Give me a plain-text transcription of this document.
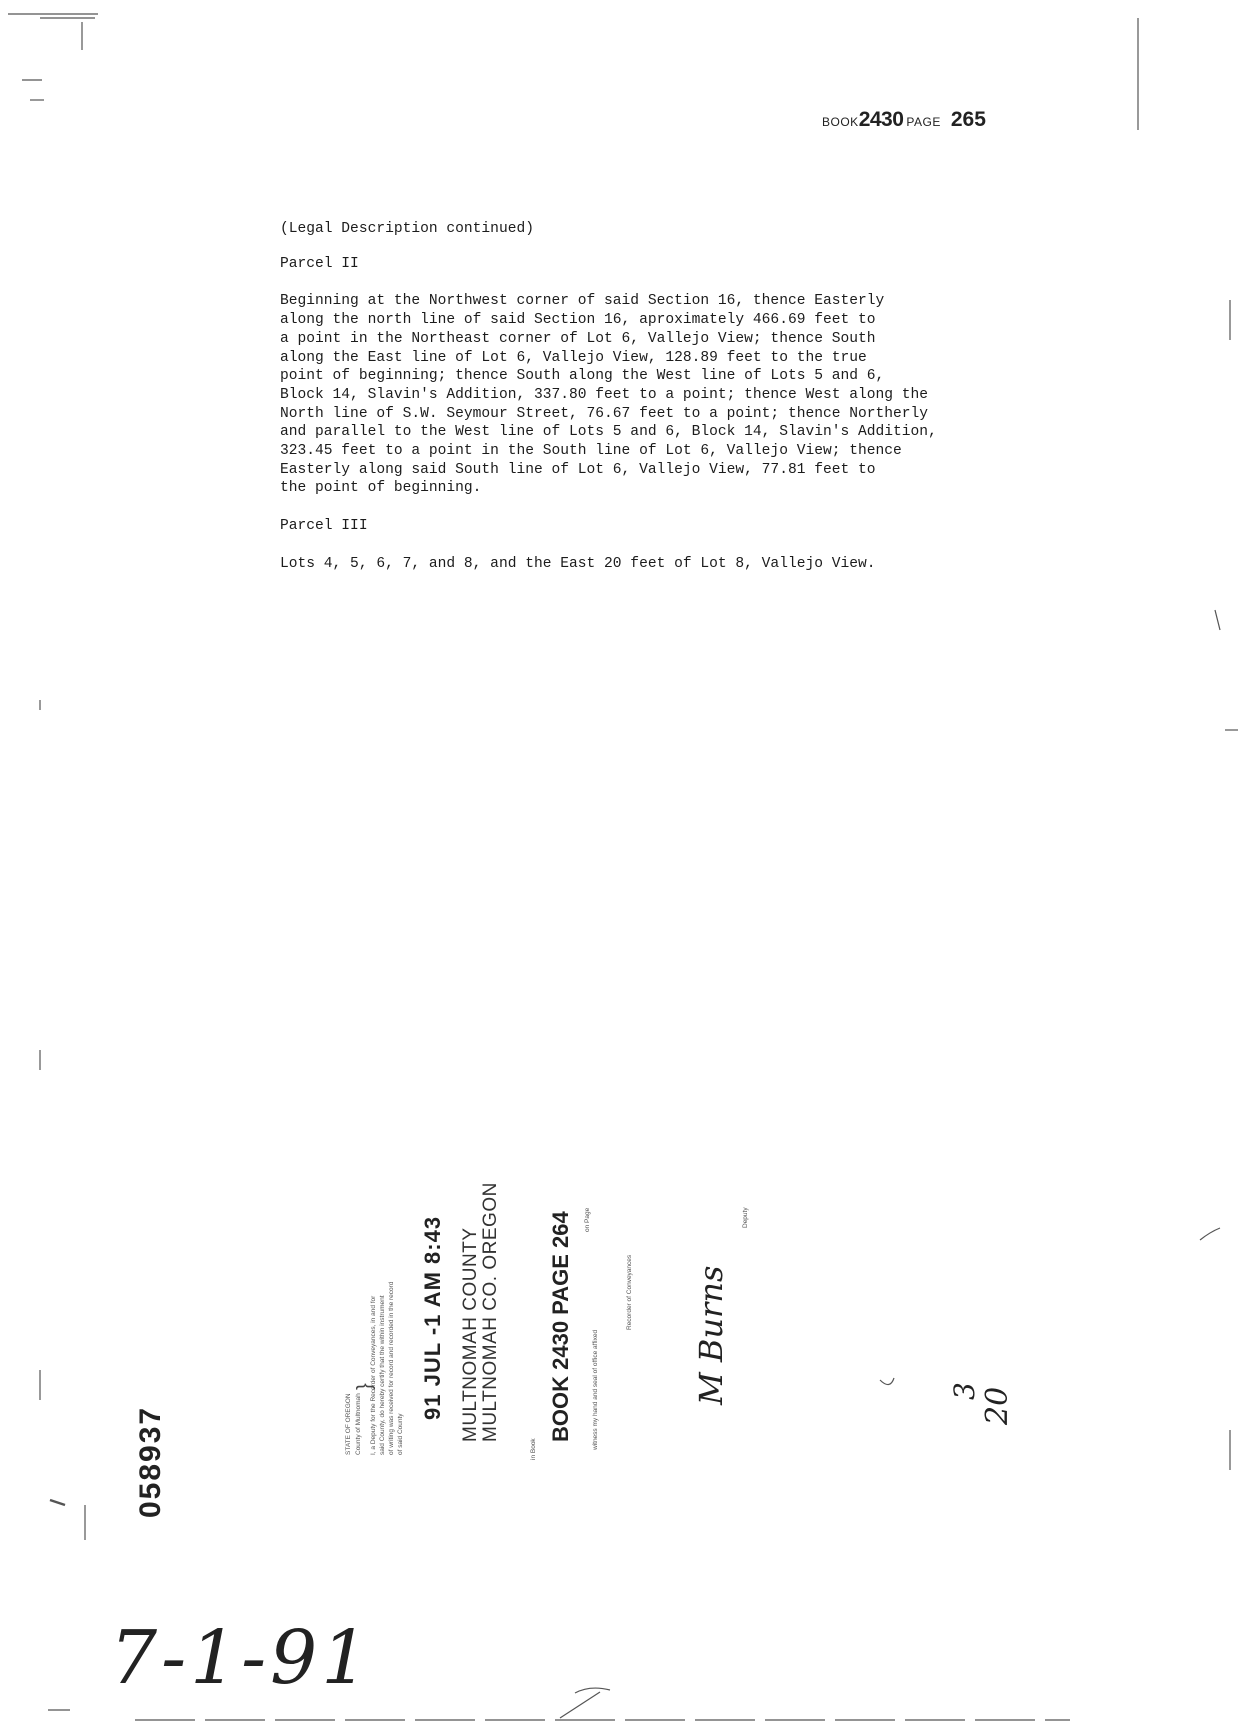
BOOK2430 PAGE 265

(Legal Description continued)

Parcel II

Beginning at the Northwest corner of said Section 16, thence Easterly

along the north line of said Section 16, aproximately 466.69 feet to

a point in the Northeast corner of Lot 6, Vallejo View; thence South

along the East line of Lot 6, Vallejo View, 128.89 feet to the true

point of beginning; thence South along the West line of Lots 5 and 6,

Block 14, Slavin's Addition, 337.80 feet to a point; thence West along the

North line of S.W. Seymour Street, 76.67 feet to a point; thence Northerly

and parallel to the West line of Lots 5 and 6, Block 14, Slavin's Addition,

323.45 feet to a point in the South line of Lot 6, Vallejo View; thence

Easterly along said South line of Lot 6, Vallejo View, 77.81 feet to

the point of beginning.

Parcel III

Lots 4, 5, 6, 7, and 8, and the East 20 feet of Lot 8, Vallejo View.

STATE OF OREGON County of Multnomah
}
I, a Deputy for the Recorder of Conveyances, in and for said County, do hereby certify that the within instrument of writing was received for record and recorded in the record of said County
91 JUL -1 AM 8:43 MULTNOMAH COUNTY MULTNOMAH CO. OREGON
in Book
BOOK 2430 PAGE 264 on Page
witness my hand and seal of office affixed
Recorder of Conveyances
Deputy
M Burns
058937
7-1-91
20
3
